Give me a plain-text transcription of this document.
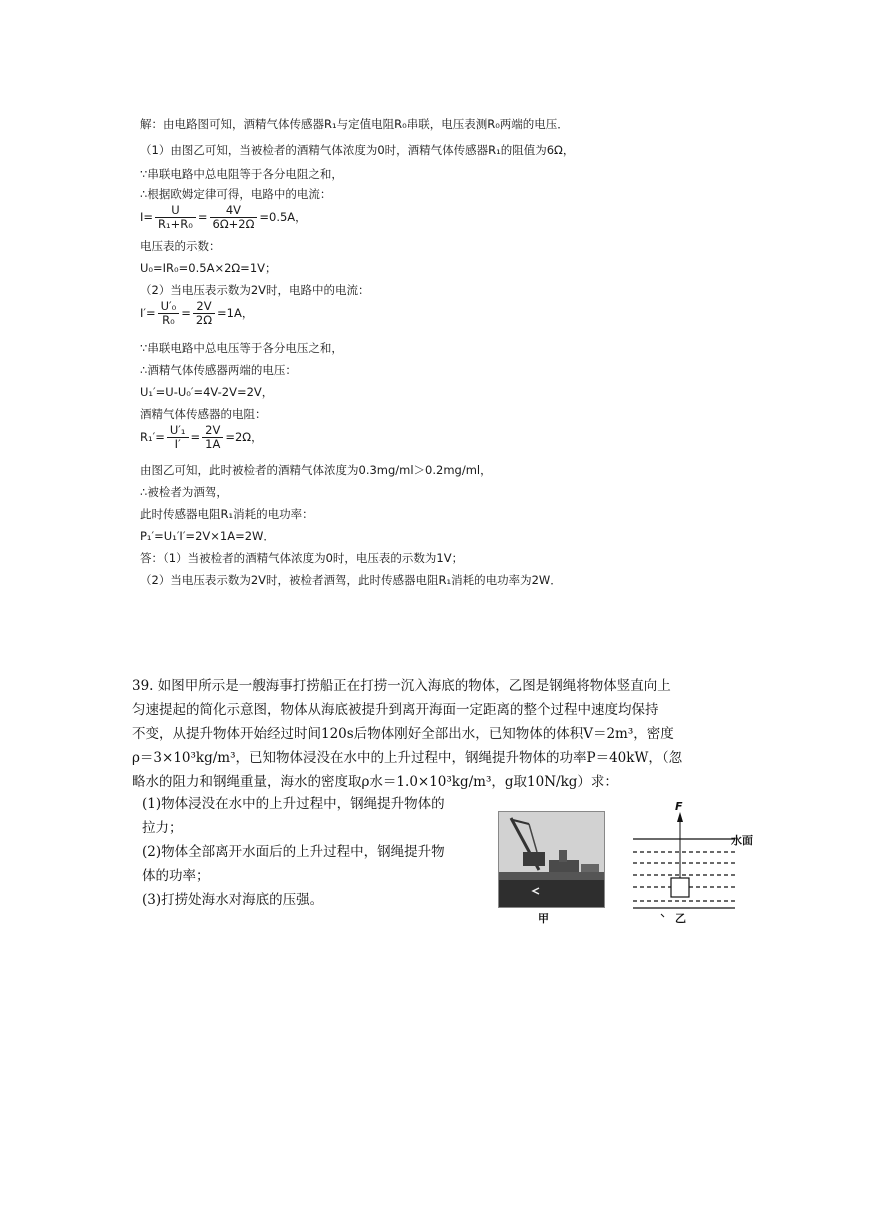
解：由电路图可知，酒精气体传感器R₁与定值电阻R₀串联，电压表测R₀两端的电压．
（1）由图乙可知，当被检者的酒精气体浓度为0时，酒精气体传感器R₁的阻值为6Ω，
∵串联电路中总电阻等于各分电阻之和，
∴根据欧姆定律可得，电路中的电流：
$I= \frac{U}{\text{R₁+R₀}} = \frac{4V}{6\Omega+2\Omega} =0.5A$，
电压表的示数：
U₀=IR₀=0.5A×2Ω=1V；
（2）当电压表示数为2V时，电路中的电流：
$I'= \frac{\text{U′₀}}{\text{R₀}} = \frac{2V}{2\Omega} =1A$，
∵串联电路中总电压等于各分电压之和，
∴酒精气体传感器两端的电压：
U₁′=U-U₀′=4V-2V=2V，
酒精气体传感器的电阻：
$R_1'= \frac{\text{U′₁}}{I'} = \frac{2V}{1A} =2\Omega$，
由图乙可知，此时被检者的酒精气体浓度为0.3mg/ml＞0.2mg/ml，
∴被检者为酒驾，
此时传感器电阻R₁消耗的电功率：
P₁′=U₁′I′=2V×1A=2W．
答：（1）当被检者的酒精气体浓度为0时，电压表的示数为1V；
（2）当电压表示数为2V时，被检者酒驾，此时传感器电阻R₁消耗的电功率为2W．
39. 如图甲所示是一艘海事打捞船正在打捞一沉入海底的物体，乙图是钢绳将物体竖直向上
匀速提起的简化示意图，物体从海底被提升到离开海面一定距离的整个过程中速度均保持
不变，从提升物体开始经过时间120s后物体刚好全部出水，已知物体的体积V＝2m³，密度
ρ＝3×10³kg/m³，已知物体浸没在水中的上升过程中，钢绳提升物体的功率P＝40kW，（忽
略水的阻力和钢绳重量，海水的密度取ρ水＝1.0×10³kg/m³，g取10N/kg）求：
(1)物体浸没在水中的上升过程中，钢绳提升物体的
拉力；
(2)物体全部离开水面后的上升过程中，钢绳提升物
体的功率；
(3)打捞处海水对海底的压强。
甲
F
水面
乙
